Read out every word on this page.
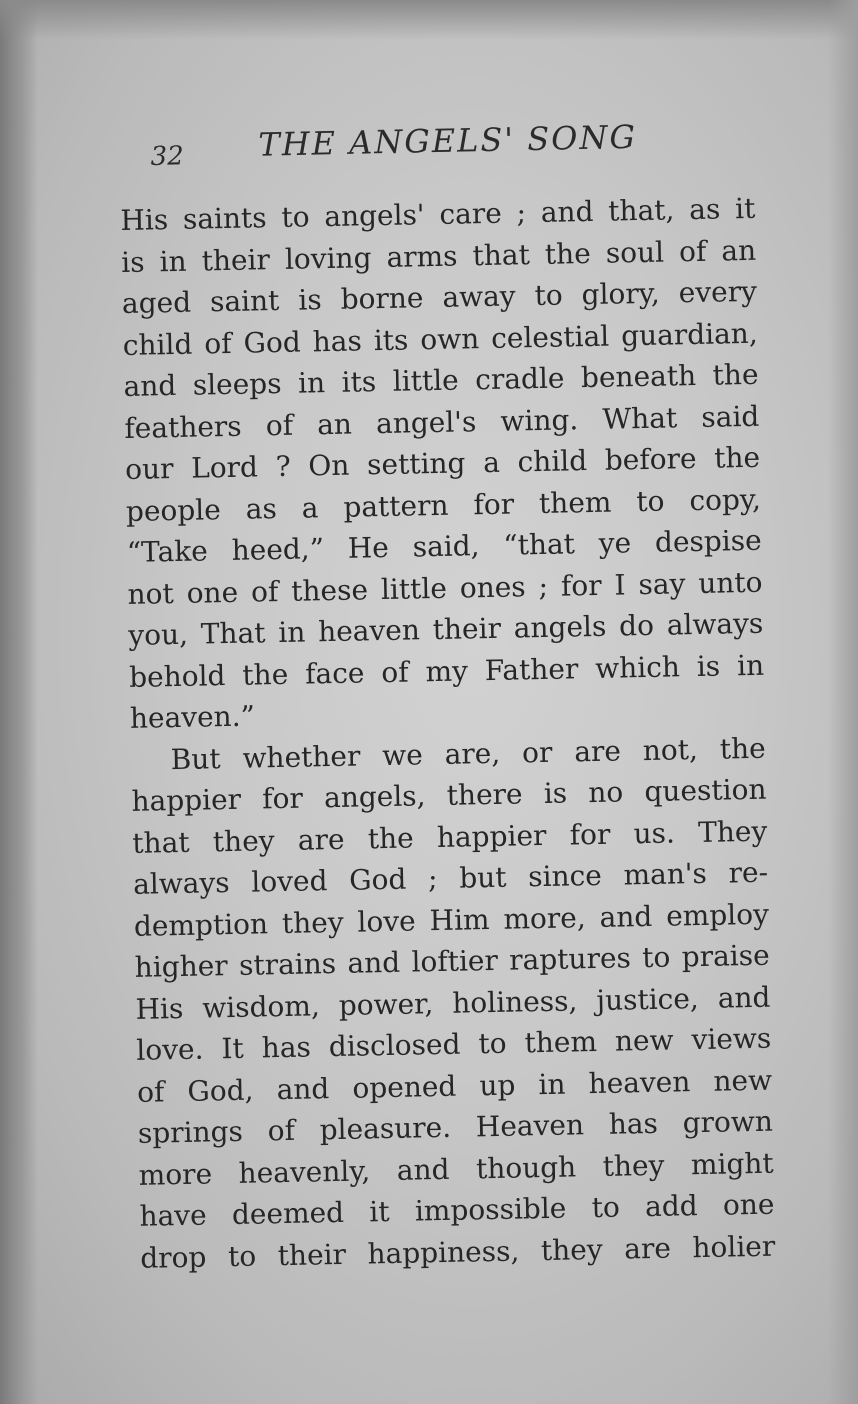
32 THE ANGELS' SONG
His saints to angels' care ; and that, as it
is in their loving arms that the soul of an
aged saint is borne away to glory, every
child of God has its own celestial guardian,
and sleeps in its little cradle beneath the
feathers of an angel's wing. What said
our Lord ? On setting a child before the
people as a pattern for them to copy,
“Take heed,” He said, “that ye despise
not one of these little ones ; for I say unto
you, That in heaven their angels do always
behold the face of my Father which is in
heaven.”
But whether we are, or are not, the
happier for angels, there is no question
that they are the happier for us. They
always loved God ; but since man's re-
demption they love Him more, and employ
higher strains and loftier raptures to praise
His wisdom, power, holiness, justice, and
love. It has disclosed to them new views
of God, and opened up in heaven new
springs of pleasure. Heaven has grown
more heavenly, and though they might
have deemed it impossible to add one
drop to their happiness, they are holier
